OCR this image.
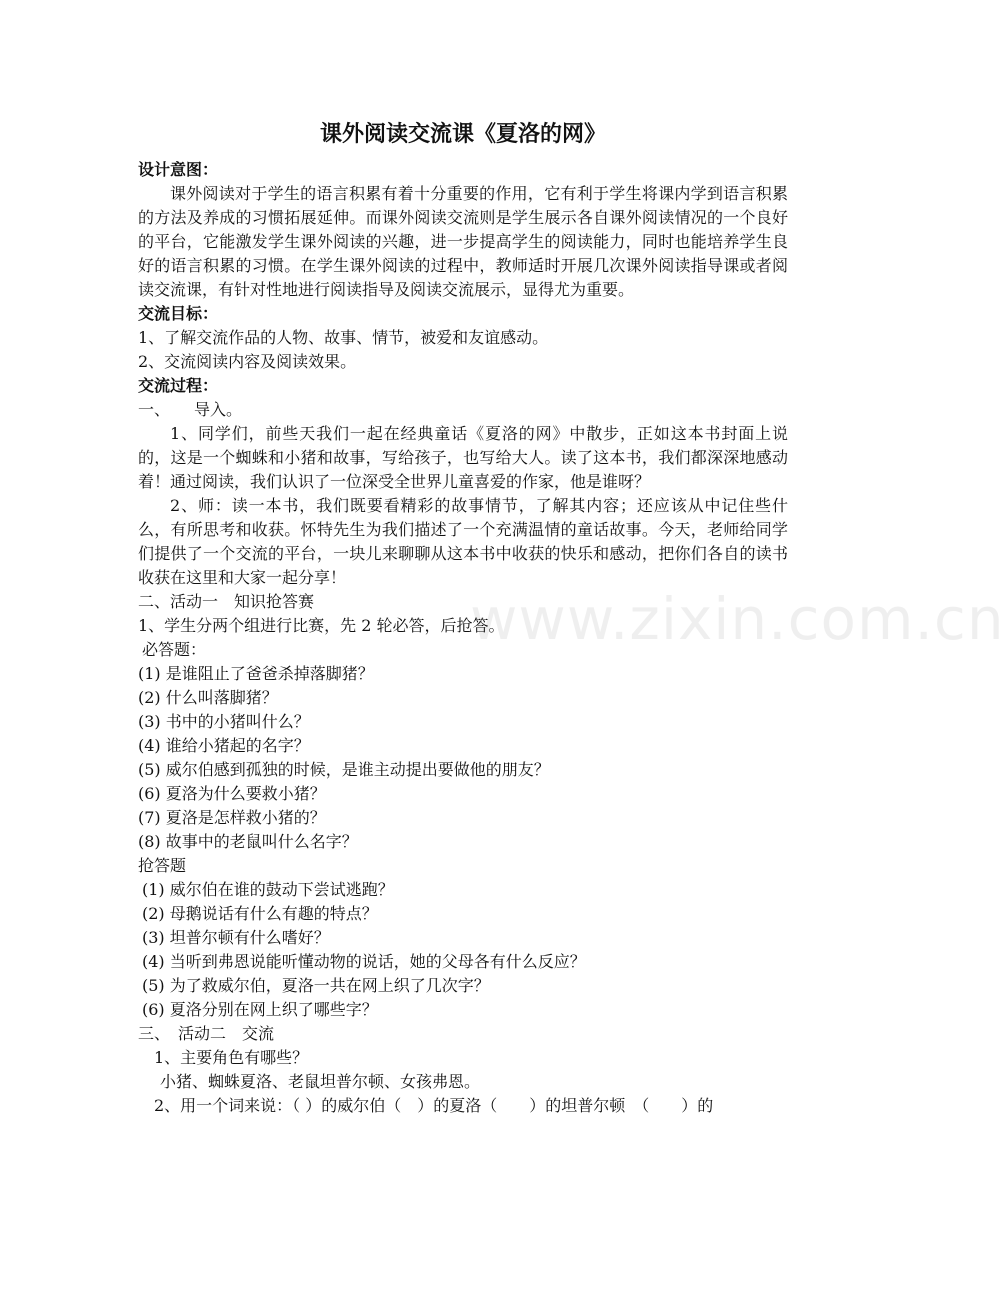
课外阅读交流课《夏洛的网》

设计意图：

课外阅读对于学生的语言积累有着十分重要的作用，它有利于学生将课内学到语言积累的方法及养成的习惯拓展延伸。而课外阅读交流则是学生展示各自课外阅读情况的一个良好的平台，它能激发学生课外阅读的兴趣，进一步提高学生的阅读能力，同时也能培养学生良好的语言积累的习惯。在学生课外阅读的过程中，教师适时开展几次课外阅读指导课或者阅读交流课，有针对性地进行阅读指导及阅读交流展示，显得尤为重要。

交流目标：

1、了解交流作品的人物、故事、情节，被爱和友谊感动。

2、交流阅读内容及阅读效果。

交流过程：

一、　　导入。

1、同学们，前些天我们一起在经典童话《夏洛的网》中散步，正如这本书封面上说的，这是一个蜘蛛和小猪和故事，写给孩子，也写给大人。读了这本书，我们都深深地感动着！通过阅读，我们认识了一位深受全世界儿童喜爱的作家，他是谁呀？

2、师：读一本书，我们既要看精彩的故事情节，了解其内容；还应该从中记住些什么，有所思考和收获。怀特先生为我们描述了一个充满温情的童话故事。今天，老师给同学们提供了一个交流的平台，一块儿来聊聊从这本书中收获的快乐和感动，把你们各自的读书收获在这里和大家一起分享！

二、活动一　知识抢答赛

1、学生分两个组进行比赛，先 2 轮必答，后抢答。

必答题：

(1) 是谁阻止了爸爸杀掉落脚猪？

(2) 什么叫落脚猪？

(3) 书中的小猪叫什么？

(4) 谁给小猪起的名字？

(5) 威尔伯感到孤独的时候，是谁主动提出要做他的朋友？

(6) 夏洛为什么要救小猪？

(7) 夏洛是怎样救小猪的？

(8) 故事中的老鼠叫什么名字？

抢答题

(1) 威尔伯在谁的鼓动下尝试逃跑？

(2) 母鹅说话有什么有趣的特点？

(3) 坦普尔顿有什么嗜好？

(4) 当听到弗恩说能听懂动物的说话，她的父母各有什么反应？

(5) 为了救威尔伯，夏洛一共在网上织了几次字？

(6) 夏洛分别在网上织了哪些字？

三、　活动二　交流

1、主要角色有哪些？

小猪、蜘蛛夏洛、老鼠坦普尔顿、女孩弗恩。

2、用一个词来说：（ ）的威尔伯（　）的夏洛（　　）的坦普尔顿　（　　）的

www.zixin.com.cn
